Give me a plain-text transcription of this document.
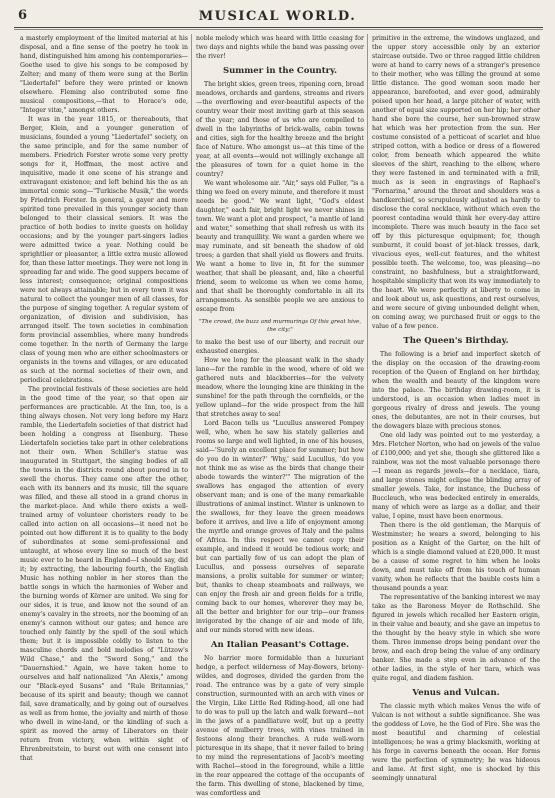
6	MUSICAL WORLD.

a masterly employment of the limited material at his disposal, and a fine sense of the poetry he took in hand, distinguished him among his contemporaries—Goethe used to give his songs to be composed by Zelter; and many of them were sung at the Berlin "Liedertafel" before they were printed or known elsewhere. Fleming also contributed some fine musical compositions,—that to Horace's ode, "Integer vitæ," amongst others.

It was in the year 1815, or thereabouts, that Berger, Klein, and a younger generation of musicians, founded a young "Liedertafel" society, on the same principle, and for the same number of members. Friedrich Forster wrote some very pretty songs for it, Hoffman, the most active and inquisitive, made it one scene of his strange and extravagant existence; and left behind his the as an immortal comic song—"Turkische Musik," the words by Friedrich Forster. In general, a gayer and more spirited tone prevailed in this younger society than belonged to their classical seniors. It was the practice of both bodies to invite guests on holiday occasions; and by the younger part-singers ladies were admitted twice a year. Nothing could be sprightlier or pleasanter, a little extra music allowed for, than these latter meetings. They were not long in spreading far and wide. The good suppers became of less interest; consequence; original compositions were not always attainable; but in every town it was natural to collect the younger men of all classes, for the purpose of singing together. A regular system of organization, of division and subdivision, has arranged itself. The town societies in combination form provincial assemblies, where many hundreds come together. In the north of Germany the large class of young men who are either schoolmasters or organists in the towns and villages, or are educated as such at the normal societies of their own, and periodical celebrations.

The provincial festivals of these societies are held in the good time of the year, so that open air performances are practicable. At the Inn, too, is a thing always chosen. Not very long before my Harz ramble, the Liedertafeln societies of that district had been holding a congress at Ilsenburg. These Liedertafeln societies take part in other celebrations not their own. When Schiller's statue was inaugurated in Stuttgart, the singing bodies of all the towns in the districts round about poured in to swell the chorus. They came one after the other, each with its banners and its music, till the square was filled, and these all stood in a grand chorus in the market-place. And while there exists a well-trained army of volunteer choristers ready to be called into action on all occasions—it need not be pointed out how different it is to quality to the body of subordinates at some semi-professional and untaught, at whose every line so much of the best music ever to be heard in England—I should say, did it; by extracting, the labouring fourth, the English Music has nothing nobler in her stores than the battle songs in which the harmonies of Weber and the burning words of Körner are united. We sing for our sides, it is true, and know not the sound of an enemy's cavalry in the streets, nor the booming of an enemy's cannon without our gates; and hence are touched only faintly by the spell of the soul which them; but it is impossible coldly to listen to the masculine chords and bold melodies of "Lützow's Wild Chase," and the "Sword Song," and the "Dauernshied." Again, we have taken home to ourselves and half nationalized "An Alexis," among our "Black-eyed Susans" and "Rule Britannias," because of its spirit and beauty; though we cannot fail, save dramatically, and by going out of ourselves as well as from home, the jovialty and mirth of those who dwell in wine-land, or the kindling of such a spirit as moved the army of Liberators on their return from victory, when within sight of Ehrenbreitstein, to burst out with one consent into that

noble melody which was heard with little ceasing for two days and nights while the band was passing over the river!

Summer in the Country.

The bright skies, green trees, ripening corn, broad meadows, orchards and gardens, streams and rivers—the overflowing and ever-beautiful aspects of the country wear their most inviting garb at this season of the year; and those of us who are compelled to dwell in the labyrinths of brick-walls, cabin towns and cities, sigh for the healthy breeze and the bright face of Nature. Who amongst us—at this time of the year, at all events—would not willingly exchange all the pleasures of town for a quiet home in the country?

We want wholesome air. "Air," says old Fuller, "is a thing we feed on every minute, and therefore it must needs be good." We want light, "God's eldest daughter," each fair, bright light we never shines in town. We want a plot and prospect, "a mantle of land and water," something that shall refresh us with its beauty and tranquillity. We want a garden where we may ruminate, and sit beneath the shadow of old trees; a garden that shall yield us flowers and fruits. We want a home to live in, fit for the summer weather, that shall be pleasant, and, like a cheerful friend, seem to welcome us when we come home, and that shall be thoroughly comfortable in all its arrangements. As sensible people we are anxious to escape from

"The crowd, the buzz and murmurings Of this great hive, the city;"

to make the best use of our liberty, and recruit our exhausted energies.

How we long for the pleasant walk in the shady lane—for the ramble in the wood, where of old we gathered nuts and blackberries—for the velvety meadow, where the lounging kine are thinking in the sunshine! for the path through the cornfields, or the yellow upland—for the wide prospect from the hill that stretches away to sea!

Lord Bacon tells us "Lucullus answered Pompey well, who, when he saw his stately galleries and rooms so large and well lighted, in one of his houses, said—'Surely an excellent place for summer; but how do you do in winter?' 'Why,' said Lucullus, 'do you not think me as wise as the birds that change their abode towards the winter?'" The migration of the swallows has engaged the attention of every observant man; and is one of the many remarkable illustrations of animal instinct. Winter is unknown to the swallows, for they leave the green meadows before it arrives, and live a life of enjoyment among the myrtle and orange groves of Italy and the palms of Africa. In this respect we cannot copy their example, and indeed it would be tedious work; and but can partially few of us can adopt the plan of Lucullus, and possess ourselves of separate mansions, a prolix suitable for summer or winter; but, thanks to cheap steamboats and railways, we can enjoy the fresh air and green fields for a trifle, coming back to our homes, wherever they may be, all the better and brighter for our trip—our frames invigorated by the change of air and mode of life, and our minds stored with new ideas.

An Italian Peasant's Cottage.

No barrier more formidable than a luxuriant hedge, a perfect wilderness of May-flowers, briony-wildes, and dogroses, divided the garden from the road. The entrance was by a gate of very simple construction, surmounted with an arch with vines or the Virgin, Like Little Red Riding-hood, all one had to do was to pull up the latch and walk forward—not in the jaws of a pandliatuve wolf, but up a pretty avenue of mulberry trees, with vines trained in festoons along their branches. A rude well-worn picturesque in its shape, that it never failed to bring to my mind the representations of Jacob's meeting with Rachel—stood in the foreground, while a little in the rear appeared the cottage of the occupants of the farm. This dwelling of stone, blackened by time, was comfortless and

primitive in the extreme, the windows unglazed, and the upper story accessible only by an exterior staircase outside. Two or three ragged little children were at hand to carry news of a stranger's presence to their mother, who was tilling the ground at some little distance. The good woman soon made her appearance, barefooted, and ever good, admirably poised upon her head, a large pitcher of water, with another of equal size supported on her hip; her other hand she bore the course, her sun-browned straw hat which was her protection from the sun. Her costume consisted of a petticoat of scarlet and blue striped cotton, with a bodice or dress of a flowered color, from beneath which appeared the white sleeves of the shirt, reaching to the elbow, where they were fastened in and terminated with a frill, much as is seen in engravings of Raphael's "Fornarina," around the throat and shoulders was a handkerchief, so scrupulously adjusted as hardly to disclose the coral necklace, without which even the poorest contadina would think her every-day attire incomplete. There was much beauty in the face set off by this picturesque equipment; for, though sunburnt, it could boast of jet-black tresses, dark, vivacious eyes, well-cut features, and the whitest possible teeth. The welcome, too, was pleasing—no constraint, no bashfulness, but a straightforward, hospitable simplicity that won its way immediately to the heart. We were perfectly at liberty to come in and look about us, ask questions, and rest ourselves, and were secure of giving unbounded delight when, on coming away, we purchased fruit or eggs to the value of a few pence.

The Queen's Birthday.

The following is a brief and imperfect sketch of the display on the occasion of the drawing-room reception of the Queen of England on her birthday, when the wealth and beauty of the kingdom were into the palace. The birthday drawing-room, it is understood, is an occasion when ladies meet in gorgeous rivalry of dress and jewels. The young ones, the debutantes, are not in their courses, but the dowagers blaze with precious stones.

One old lady was pointed out to me yesterday, a Mrs. Fletcher Norton, who had on jewels of the value of £100,000; and yet she, though she glittered like a rainbow, was not the most valuable personage there—I mean as regards jewels—for a necklace, tiara, and large stones might eclipse the blinding array of smaller jewels. Take, for instance, the Duchess of Buccleuch, who was bedecked entirely in emeralds, many of which were as large as a dollar, and their value, I opine, must have been enormous.

Then there is the old gentleman, the Marquis of Westminster; he wears a sword, belonging to his position as a Knight of the Garter, on the hilt of which is a single diamond valued at £20,000. It must be a cause of some regret to him when he looks down, and must take off from his touch of human vanity, when he reflects that the bauble costs him a thousand pounds a year.

The representative of the banking interest we may take as the Baroness Meyer de Rothschild. She figured in jewels which recalled her Eastern origin, in their value and beauty, and she gave an impetus to the thought by the heavy style in which she wore them. Three immense drops being pendant over the brow, and each drop being the value of any ordinary banker. She made a step even in advance of the other ladies, in the style of her tiara, which was quite regal, and diadem fashion.

Venus and Vulcan.

The classic myth which makes Venus the wife of Vulcan is not without a subtle significance. She was the goddess of Love, he the God of Fire. She was the most beautiful and charming of celestial intelligences; he was a grimy blacksmith, working at his forge in caverns beneath the ocean. Her forms were the perfection of symmetry; he was hideous and lame. At first sight, one is shocked by this seemingly unnatural
